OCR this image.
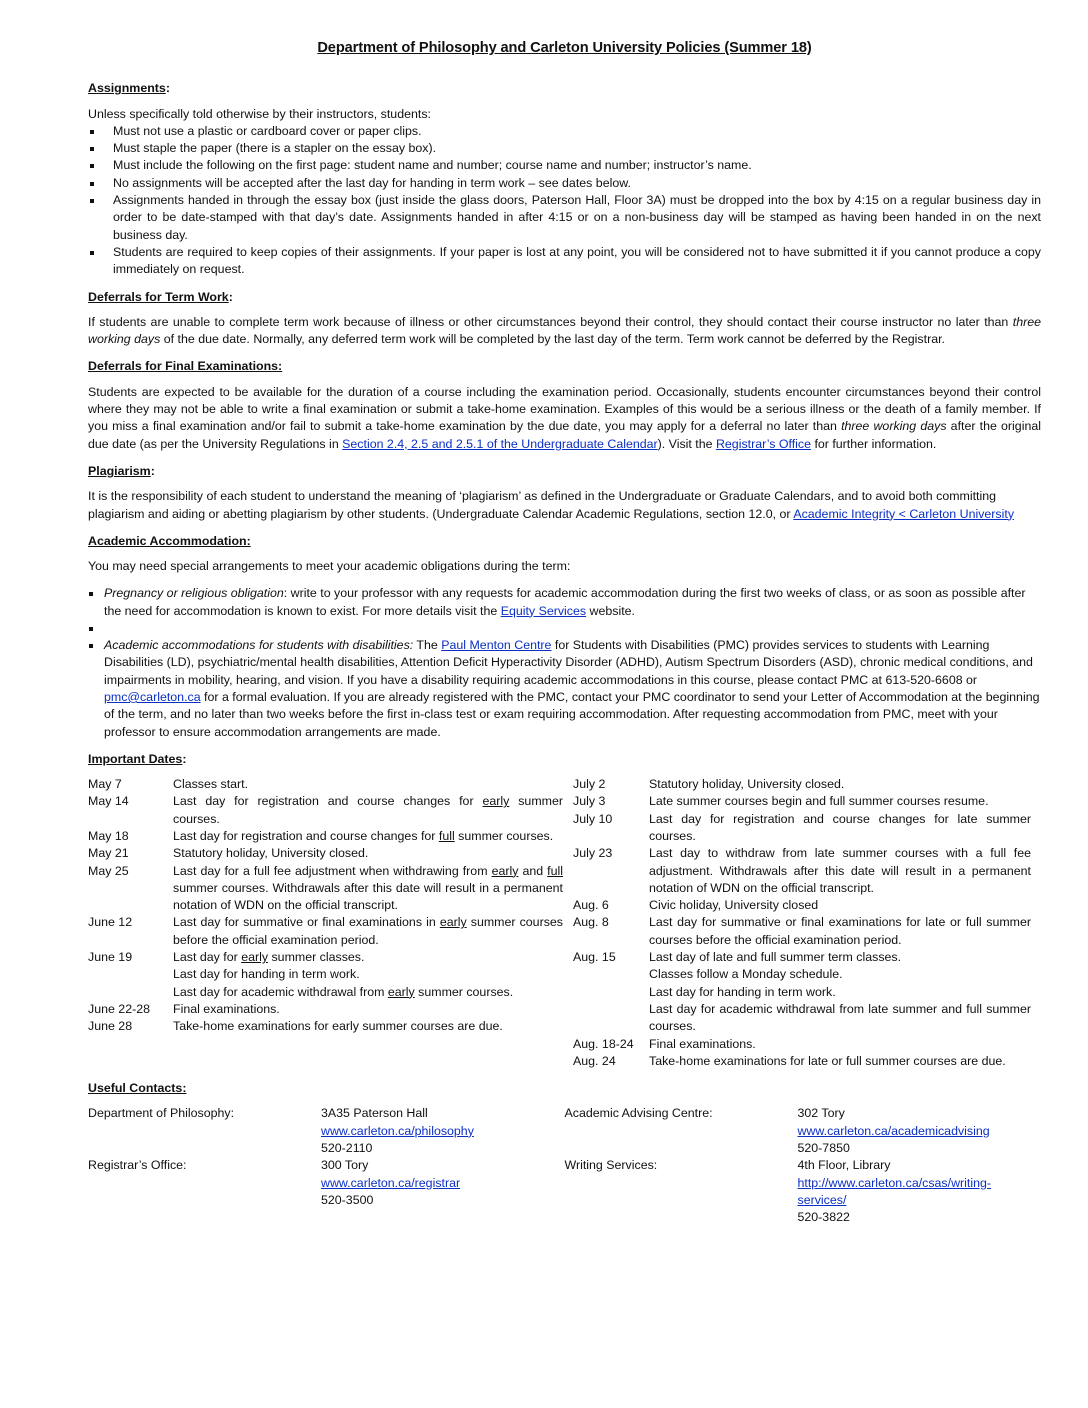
Department of Philosophy and Carleton University Policies (Summer 18)

Assignments:

Unless specifically told otherwise by their instructors, students:

Must not use a plastic or cardboard cover or paper clips.
Must staple the paper (there is a stapler on the essay box).
Must include the following on the first page: student name and number; course name and number; instructor’s name.
No assignments will be accepted after the last day for handing in term work – see dates below.
Assignments handed in through the essay box (just inside the glass doors, Paterson Hall, Floor 3A) must be dropped into the box by 4:15 on a regular business day in order to be date-stamped with that day’s date. Assignments handed in after 4:15 or on a non-business day will be stamped as having been handed in on the next business day.
Students are required to keep copies of their assignments. If your paper is lost at any point, you will be considered not to have submitted it if you cannot produce a copy immediately on request.

Deferrals for Term Work:

If students are unable to complete term work because of illness or other circumstances beyond their control, they should contact their course instructor no later than three working days of the due date. Normally, any deferred term work will be completed by the last day of the term. Term work cannot be deferred by the Registrar.

Deferrals for Final Examinations:

Students are expected to be available for the duration of a course including the examination period. Occasionally, students encounter circumstances beyond their control where they may not be able to write a final examination or submit a take-home examination. Examples of this would be a serious illness or the death of a family member. If you miss a final examination and/or fail to submit a take-home examination by the due date, you may apply for a deferral no later than three working days after the original due date (as per the University Regulations in Section 2.4, 2.5 and 2.5.1 of the Undergraduate Calendar). Visit the Registrar’s Office for further information.

Plagiarism:

It is the responsibility of each student to understand the meaning of ‘plagiarism’ as defined in the Undergraduate or Graduate Calendars, and to avoid both committing plagiarism and aiding or abetting plagiarism by other students. (Undergraduate Calendar Academic Regulations, section 12.0, or Academic Integrity < Carleton University

Academic Accommodation:

You may need special arrangements to meet your academic obligations during the term:

Pregnancy or religious obligation: write to your professor with any requests for academic accommodation during the first two weeks of class, or as soon as possible after the need for accommodation is known to exist. For more details visit the Equity Services website.
Academic accommodations for students with disabilities: The Paul Menton Centre for Students with Disabilities (PMC) provides services to students with Learning Disabilities (LD), psychiatric/mental health disabilities, Attention Deficit Hyperactivity Disorder (ADHD), Autism Spectrum Disorders (ASD), chronic medical conditions, and impairments in mobility, hearing, and vision. If you have a disability requiring academic accommodations in this course, please contact PMC at 613-520-6608 or pmc@carleton.ca for a formal evaluation. If you are already registered with the PMC, contact your PMC coordinator to send your Letter of Accommodation at the beginning of the term, and no later than two weeks before the first in-class test or exam requiring accommodation. After requesting accommodation from PMC, meet with your professor to ensure accommodation arrangements are made.

Important Dates:

May 7	Classes start.
May 14	Last day for registration and course changes for early summer courses.
May 18	Last day for registration and course changes for full summer courses.
May 21	Statutory holiday, University closed.
May 25	Last day for a full fee adjustment when withdrawing from early and full summer courses. Withdrawals after this date will result in a permanent notation of WDN on the official transcript.
June 12	Last day for summative or final examinations in early summer courses before the official examination period.
June 19	Last day for early summer classes.
Last day for handing in term work.
Last day for academic withdrawal from early summer courses.
June 22-28	Final examinations.
June 28	Take-home examinations for early summer courses are due.
July 2	Statutory holiday, University closed.
July 3	Late summer courses begin and full summer courses resume.
July 10	Last day for registration and course changes for late summer courses.
July 23	Last day to withdraw from late summer courses with a full fee adjustment. Withdrawals after this date will result in a permanent notation of WDN on the official transcript.
Aug. 6	Civic holiday, University closed
Aug. 8	Last day for summative or final examinations for late or full summer courses before the official examination period.
Aug. 15	Last day of late and full summer term classes.
Classes follow a Monday schedule.
Last day for handing in term work.
Last day for academic withdrawal from late summer and full summer courses.
Aug. 18-24	Final examinations.
Aug. 24	Take-home examinations for late or full summer courses are due.

Useful Contacts:

Department of Philosophy:	3A35 Paterson Hall
www.carleton.ca/philosophy
520-2110
Registrar’s Office:	300 Tory
www.carleton.ca/registrar
520-3500
Academic Advising Centre:	302 Tory
www.carleton.ca/academicadvising
520-7850
Writing Services:	4th Floor, Library
http://www.carleton.ca/csas/writing-services/
520-3822
